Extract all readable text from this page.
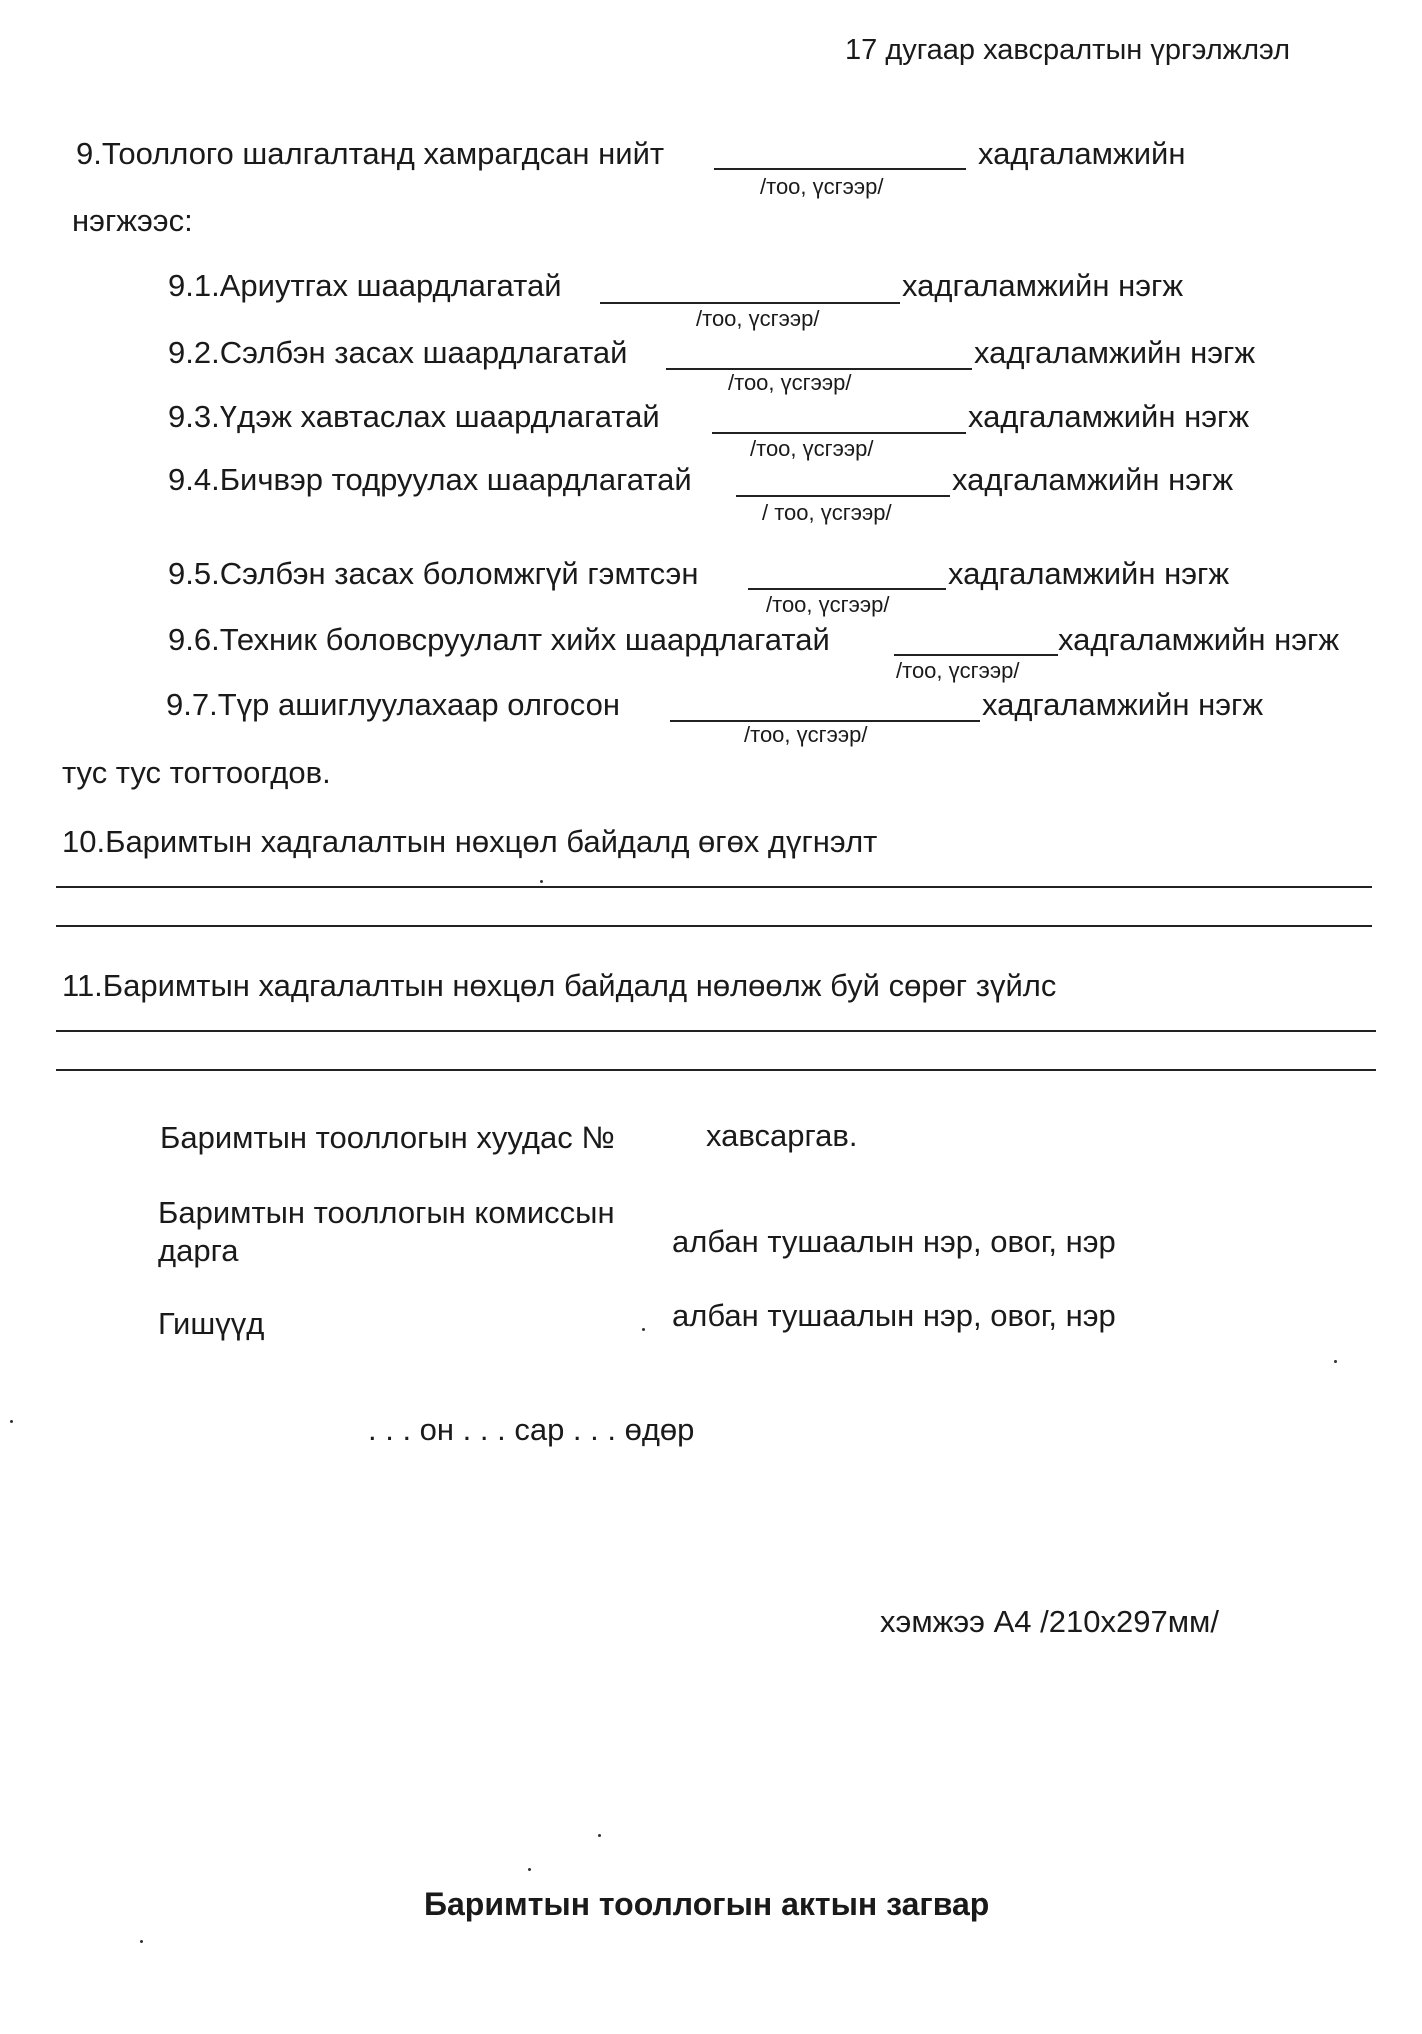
17 дугаар хавсралтын үргэлжлэл
9.Тооллого шалгалтанд хамрагдсан нийт	хадгаламжийн
/тоо, үсгээр/
нэгжээс:
9.1.Ариутгах шаардлагатай	хадгаламжийн нэгж
/тоо, үсгээр/
9.2.Сэлбэн засах шаардлагатай	хадгаламжийн нэгж
/тоо, үсгээр/
9.3.Үдэж хавтаслах шаардлагатай	хадгаламжийн нэгж
/тоо, үсгээр/
9.4.Бичвэр тодруулах шаардлагатай	хадгаламжийн нэгж
/ тоо, үсгээр/
9.5.Сэлбэн засах боломжгүй гэмтсэн	хадгаламжийн нэгж
/тоо, үсгээр/
9.6.Техник боловсруулалт хийх шаардлагатай	хадгаламжийн нэгж
/тоо, үсгээр/
9.7.Түр ашиглуулахаар олгосон	хадгаламжийн нэгж
/тоо, үсгээр/
тус тус тогтоогдов.
10.Баримтын хадгалалтын нөхцөл байдалд өгөх дүгнэлт
11.Баримтын хадгалалтын нөхцөл байдалд нөлөөлж буй сөрөг зүйлс
Баримтын тооллогын хуудас №	хавсаргав.
Баримтын тооллогын комиссын
дарга	албан тушаалын нэр, овог, нэр
Гишүүд	албан тушаалын нэр, овог, нэр
. . . он . . . сар . . . өдөр
хэмжээ А4 /210х297мм/
Баримтын тооллогын актын загвар
